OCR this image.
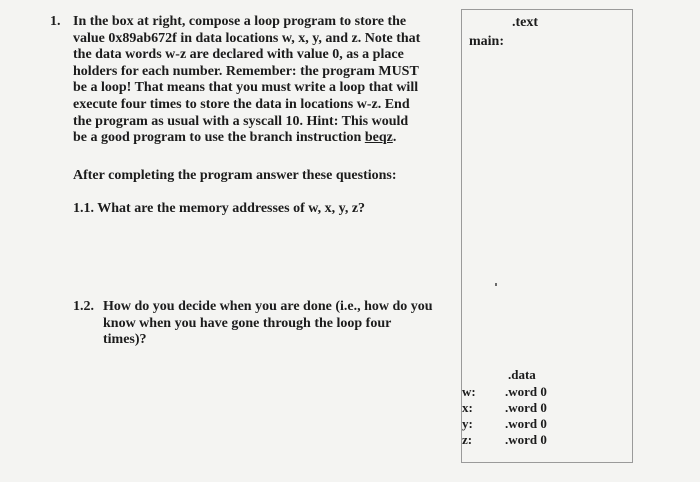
1. In the box at right, compose a loop program to store the
value 0x89ab672f in data locations w, x, y, and z. Note that
the data words w-z are declared with value 0, as a place
holders for each number. Remember: the program MUST
be a loop! That means that you must write a loop that will
execute four times to store the data in locations w-z. End
the program as usual with a syscall 10. Hint: This would
be a good program to use the branch instruction beqz.
After completing the program answer these questions:
1.1. What are the memory addresses of w, x, y, z?
1.2. How do you decide when you are done (i.e., how do you
know when you have gone through the loop four
times)?
.text
main:
.data
w: .word 0
x: .word 0
y: .word 0
z:	.word 0
